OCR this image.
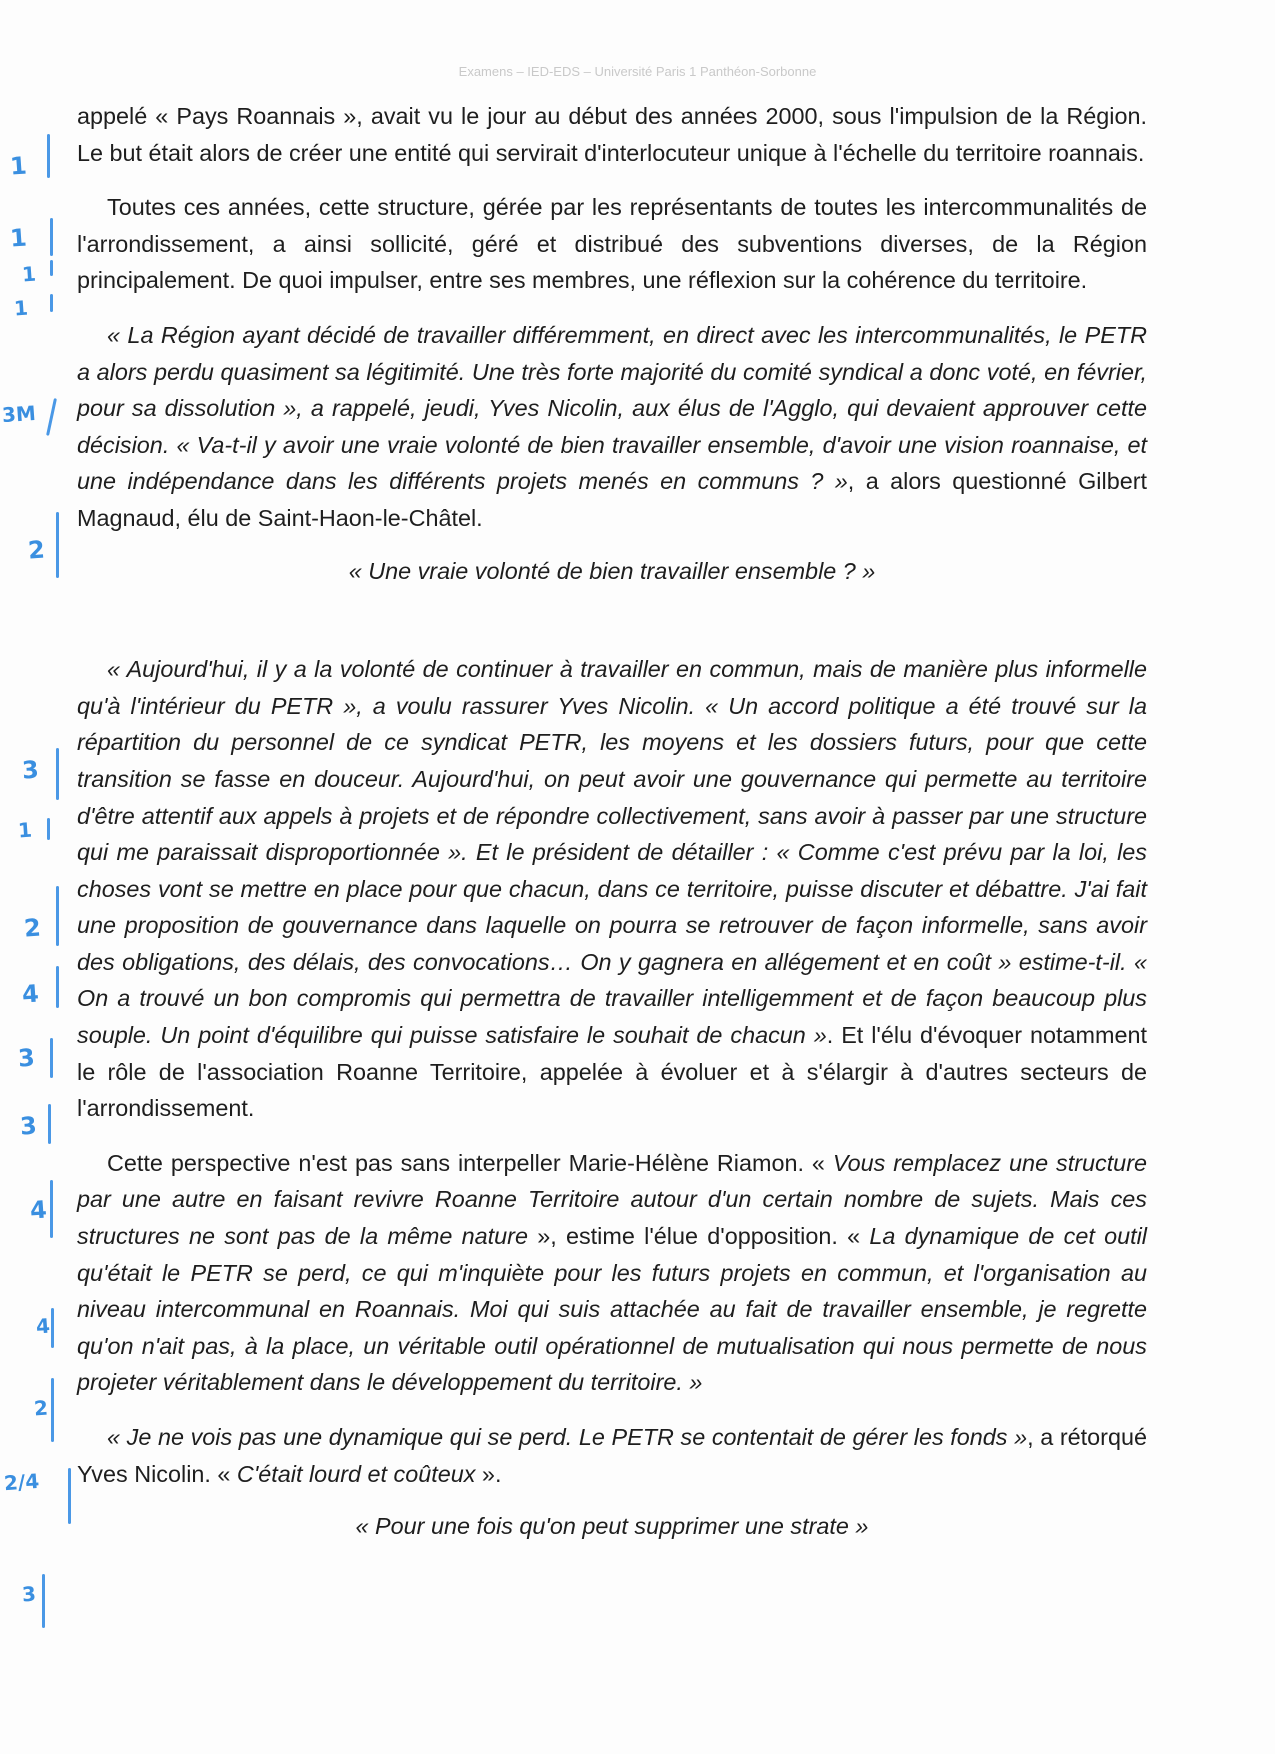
Examens – IED-EDS – Université Paris 1 Panthéon-Sorbonne

appelé « Pays Roannais », avait vu le jour au début des années 2000, sous l'impulsion de la Région. Le but était alors de créer une entité qui servirait d'interlocuteur unique à l'échelle du territoire roannais.

Toutes ces années, cette structure, gérée par les représentants de toutes les intercommunalités de l'arrondissement, a ainsi sollicité, géré et distribué des subventions diverses, de la Région principalement. De quoi impulser, entre ses membres, une réflexion sur la cohérence du territoire.

« La Région ayant décidé de travailler différemment, en direct avec les intercommunalités, le PETR a alors perdu quasiment sa légitimité. Une très forte majorité du comité syndical a donc voté, en février, pour sa dissolution », a rappelé, jeudi, Yves Nicolin, aux élus de l'Agglo, qui devaient approuver cette décision. « Va-t-il y avoir une vraie volonté de bien travailler ensemble, d'avoir une vision roannaise, et une indépendance dans les différents projets menés en communs ? », a alors questionné Gilbert Magnaud, élu de Saint-Haon-le-Châtel.

« Une vraie volonté de bien travailler ensemble ? »

« Aujourd'hui, il y a la volonté de continuer à travailler en commun, mais de manière plus informelle qu'à l'intérieur du PETR », a voulu rassurer Yves Nicolin. « Un accord politique a été trouvé sur la répartition du personnel de ce syndicat PETR, les moyens et les dossiers futurs, pour que cette transition se fasse en douceur. Aujourd'hui, on peut avoir une gouvernance qui permette au territoire d'être attentif aux appels à projets et de répondre collectivement, sans avoir à passer par une structure qui me paraissait disproportionnée ». Et le président de détailler : « Comme c'est prévu par la loi, les choses vont se mettre en place pour que chacun, dans ce territoire, puisse discuter et débattre. J'ai fait une proposition de gouvernance dans laquelle on pourra se retrouver de façon informelle, sans avoir des obligations, des délais, des convocations… On y gagnera en allégement et en coût » estime-t-il. « On a trouvé un bon compromis qui permettra de travailler intelligemment et de façon beaucoup plus souple. Un point d'équilibre qui puisse satisfaire le souhait de chacun ». Et l'élu d'évoquer notamment le rôle de l'association Roanne Territoire, appelée à évoluer et à s'élargir à d'autres secteurs de l'arrondissement.

Cette perspective n'est pas sans interpeller Marie-Hélène Riamon. « Vous remplacez une structure par une autre en faisant revivre Roanne Territoire autour d'un certain nombre de sujets. Mais ces structures ne sont pas de la même nature », estime l'élue d'opposition. « La dynamique de cet outil qu'était le PETR se perd, ce qui m'inquiète pour les futurs projets en commun, et l'organisation au niveau intercommunal en Roannais. Moi qui suis attachée au fait de travailler ensemble, je regrette qu'on n'ait pas, à la place, un véritable outil opérationnel de mutualisation qui nous permette de nous projeter véritablement dans le développement du territoire. »

« Je ne vois pas une dynamique qui se perd. Le PETR se contentait de gérer les fonds », a rétorqué Yves Nicolin. « C'était lourd et coûteux ».

« Pour une fois qu'on peut supprimer une strate »

1
1
1
1
3M
2
3
1
2
4
3
3
4
4
2
2/4
3
